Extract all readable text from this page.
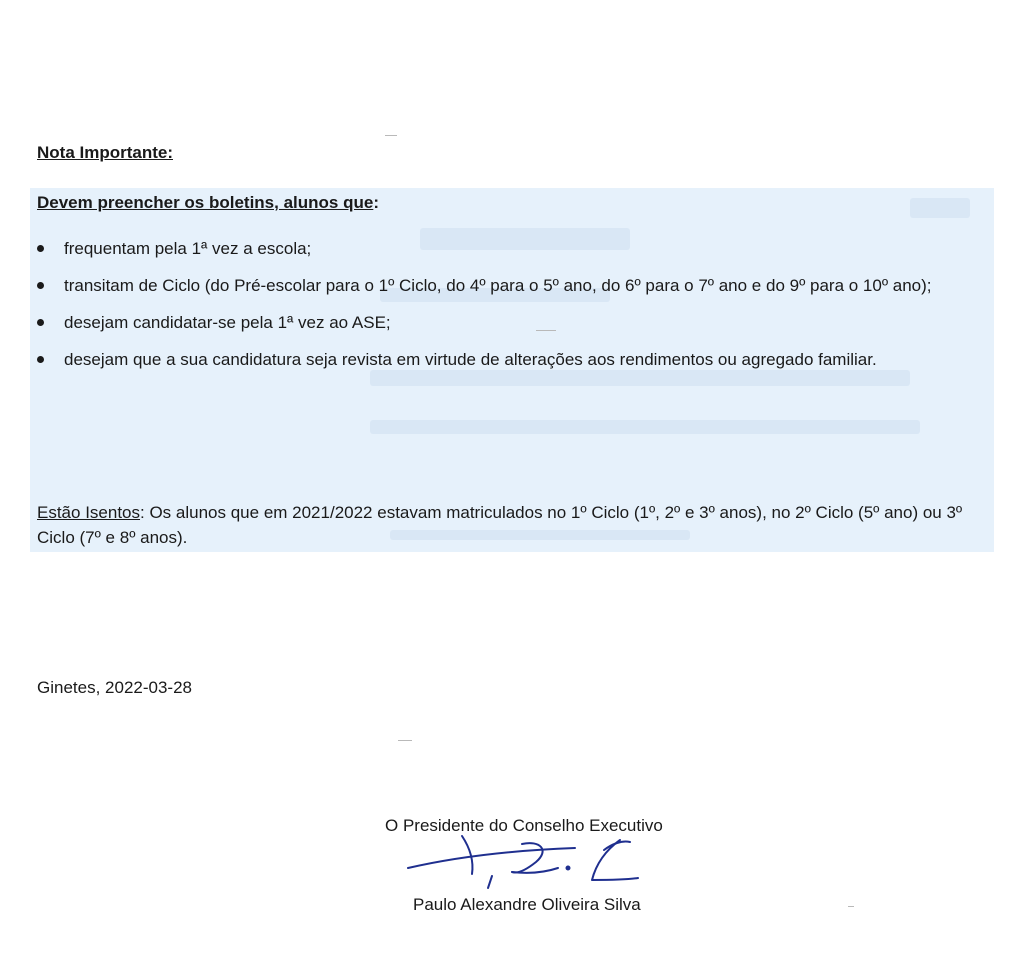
Nota Importante:
Devem preencher os boletins, alunos que:
frequentam pela 1ª vez a escola;
transitam de Ciclo (do Pré-escolar para o 1º Ciclo, do 4º para o 5º ano, do 6º para o 7º ano e do 9º para o 10º ano);
desejam candidatar-se pela 1ª vez ao ASE;
desejam que a sua candidatura seja revista em virtude de alterações aos rendimentos ou agregado familiar.
Estão Isentos: Os alunos que em 2021/2022 estavam matriculados no 1º Ciclo (1º, 2º e 3º anos), no 2º Ciclo (5º ano) ou 3º Ciclo (7º e 8º anos).
Ginetes, 2022-03-28
O Presidente do Conselho Executivo
Paulo Alexandre Oliveira Silva
